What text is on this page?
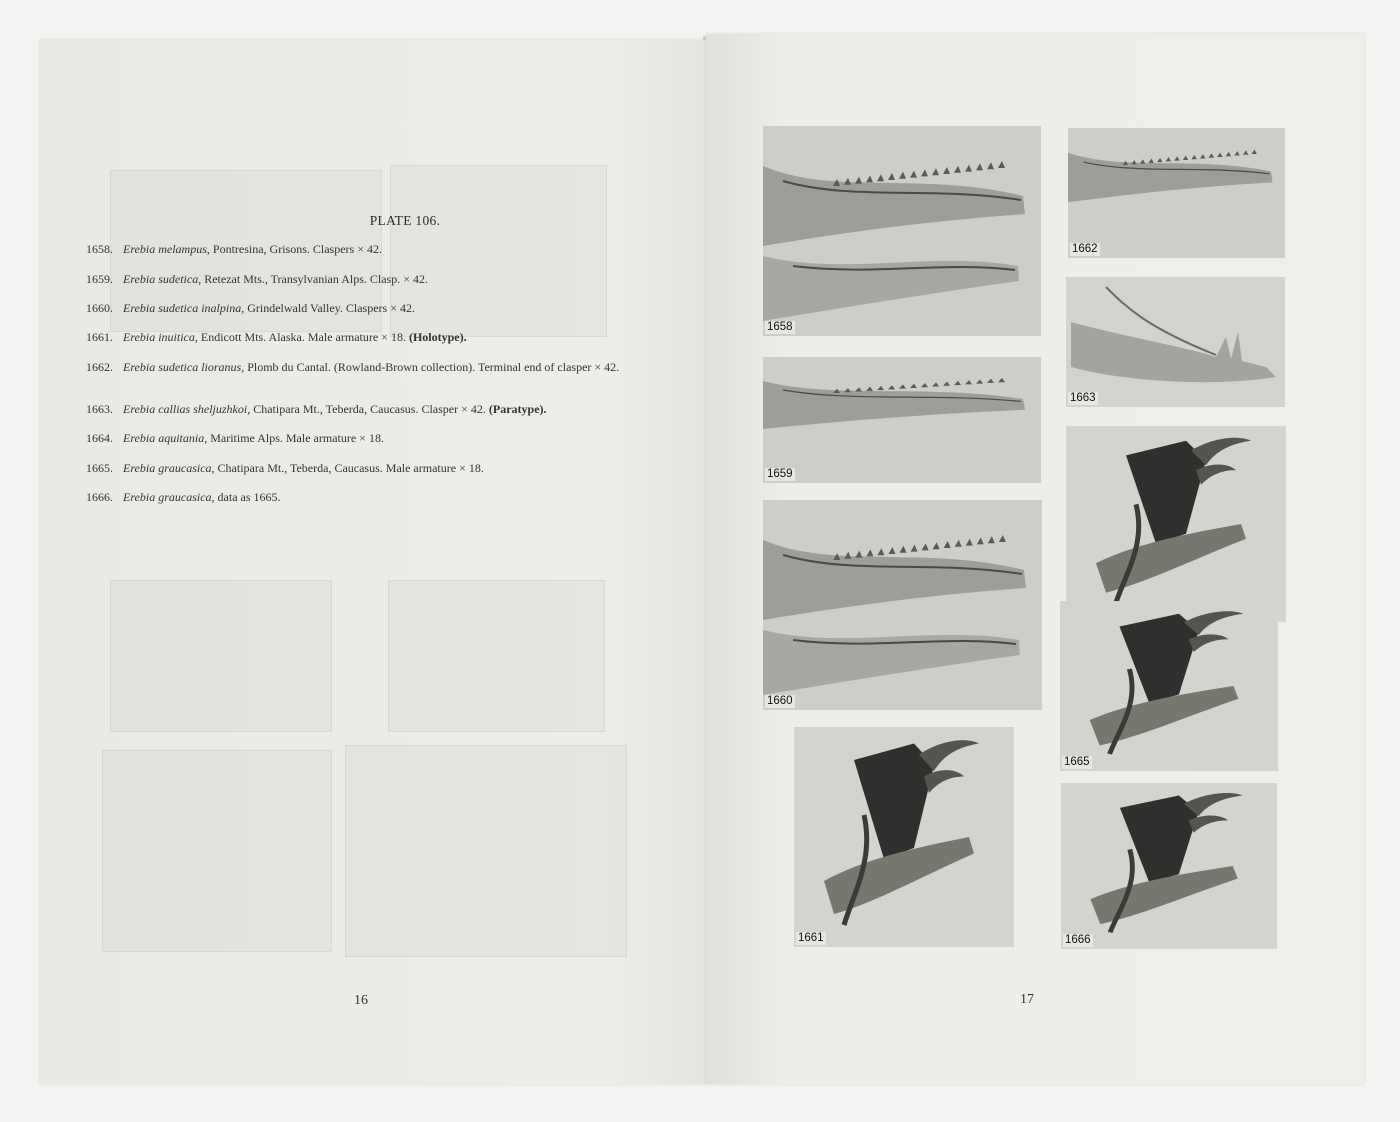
PLATE 106.
1658. Erebia melampus, Pontresina, Grisons. Claspers × 42.
1659. Erebia sudetica, Retezat Mts., Transylvanian Alps. Clasp. × 42.
1660. Erebia sudetica inalpina, Grindelwald Valley. Claspers × 42.
1661. Erebia inuitica, Endicott Mts. Alaska. Male armature × 18. (Holotype).
1662. Erebia sudetica lioranus, Plomb du Cantal. (Rowland-Brown collection). Terminal end of clasper × 42.
1663. Erebia callias sheljuzhkoi, Chatipara Mt., Teberda, Caucasus. Clasper × 42. (Paratype).
1664. Erebia aquitania, Maritime Alps. Male armature × 18.
1665. Erebia graucasica, Chatipara Mt., Teberda, Caucasus. Male armature × 18.
1666. Erebia graucasica, data as 1665.
16
1658
1662
1663
1659
1660
1665
1661	1666
17
